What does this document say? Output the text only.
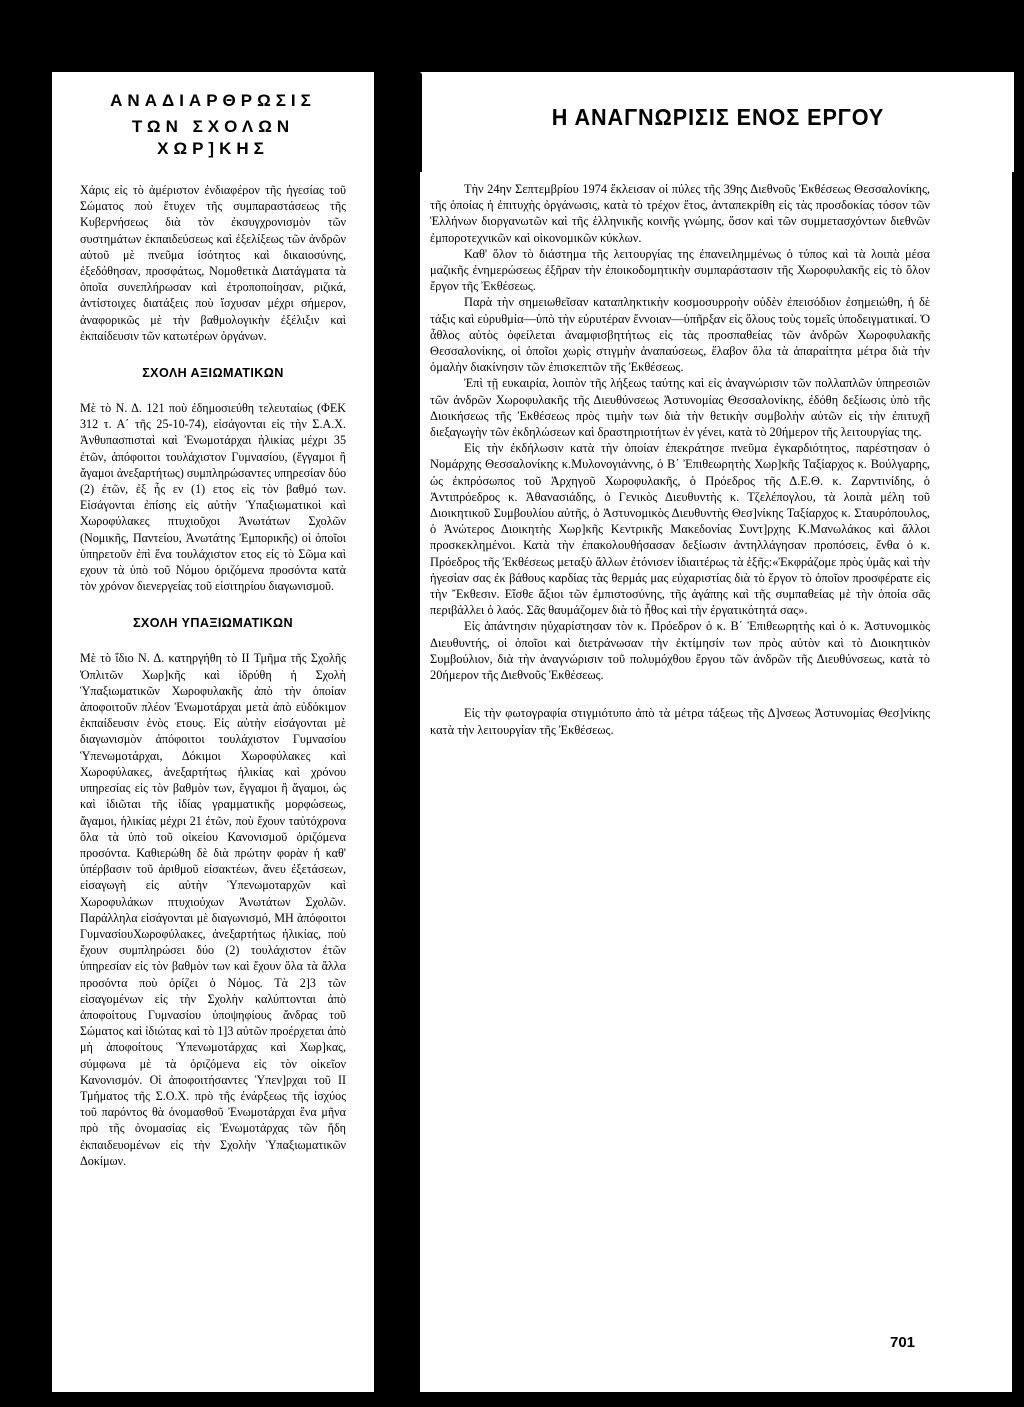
ΑΝΑΔΙΑΡΘΡΩΣΙΣ
ΤΩΝ ΣΧΟΛΩΝ ΧΩΡ]ΚΗΣ

Χάρις εἰς τὸ ἀμέριστον ἐνδιαφέρον τῆς ἡγεσίας τοῦ Σώματος ποὺ ἔτυχεν τῆς συμπαραστάσεως τῆς Κυβερνήσεως διὰ τὸν ἐκσυγχρονισμὸν τῶν συστημάτων ἐκπαιδεύσεως καὶ ἐξελίξεως τῶν ἀνδρῶν αὐτοῦ μὲ πνεῦμα ἰσότητος καὶ δικαιοσύνης, ἐξεδόθησαν, προσφάτως, Νομοθετικὰ Διατάγματα τὰ ὁποῖα συνεπλήρωσαν καὶ ἐτροποποίησαν, ριζικά, ἀντίστοιχες διατάξεις ποὺ ἴσχυσαν μέχρι σήμερον, ἀναφορικῶς μὲ τὴν βαθμολογικὴν ἐξέλιξιν καὶ ἐκπαίδευσιν τῶν κατωτέρων ὀργάνων.

ΣΧΟΛΗ ΑΞΙΩΜΑΤΙΚΩΝ

Μὲ τὸ Ν. Δ. 121 ποὺ ἐδημοσιεύθη τελευταίως (ΦΕΚ 312 τ. Α΄ τῆς 25-10-74), εἰσάγονται εἰς τὴν Σ.Α.Χ. Ἀνθυπασπισταὶ καὶ Ἐνωμοτάρχαι ἡλικίας μέχρι 35 ἐτῶν, ἀπόφοιτοι τουλάχιστον Γυμνασίου, (ἔγγαμοι ἢ ἄγαμοι ἀνεξαρτήτως) συμπληρώσαντες υπηρεσίαν δύο (2) ἐτῶν, ἐξ ἧς εν (1) ετος εἰς τὸν βαθμό των. Εἰσάγονται ἐπίσης εἰς αὐτὴν Ὑπαξιωματικοὶ καὶ Χωροφύλακες πτυχιοῦχοι Ἀνωτάτων Σχολῶν (Νομικῆς, Παντείου, Ἀνωτάτης Ἐμπορικῆς) οἱ ὁποῖοι ὑπηρετοῦν ἐπὶ ἕνα τουλάχιστον ετος εἰς τὸ Σῶμα καὶ εχουν τὰ ὑπὸ τοῦ Νόμου ὁριζόμενα προσόντα κατὰ τὸν χρόνον διενεργείας τοῦ εἰσιτηρίου διαγωνισμοῦ.

ΣΧΟΛΗ ΥΠΑΞΙΩΜΑΤΙΚΩΝ

Μὲ τὸ ἴδιο Ν. Δ. κατηργήθη τὸ ΙΙ Τμῆμα τῆς Σχολῆς Ὁπλιτῶν Χωρ]κῆς καὶ ἱδρύθη ἡ Σχολὴ Ὑπαξιωματικῶν Χωροφυλακῆς ἀπὸ τὴν ὁποίαν ἀποφοιτοῦν πλέον Ἐνωμοτάρχαι μετὰ ἀπὸ εὐδόκιμον ἐκπαίδευσιν ἑνὸς ετους. Εἰς αὐτὴν εἰσάγονται μὲ διαγωνισμὸν ἀπόφοιτοι τουλάχιστον Γυμνασίου Ὑπενωμοτάρχαι, Δόκιμοι Χωροφύλακες καὶ Χωροφύλακες, ἀνεξαρτήτως ἡλικίας καὶ χρόνου υπηρεσίας εἰς τὸν βαθμὸν των, ἔγγαμοι ἢ ἄγαμοι, ὡς καὶ ἰδιῶται τῆς ἰδίας γραμματικῆς μορφώσεως, ἄγαμοι, ἡλικίας μέχρι 21 ἐτῶν, ποὺ ἔχουν ταὐτόχρονα ὅλα τὰ ὑπὸ τοῦ οἰκείου Κανονισμοῦ ὁριζόμενα προσόντα. Καθιερώθη δὲ διὰ πρώτην φορὰν ἡ καθ' ὑπέρβασιν τοῦ ἀριθμοῦ εἰσακτέων, ἄνευ ἐξετάσεων, εἰσαγωγὴ εἰς αὐτὴν Ὑπενωμοταρχῶν καὶ Χωροφυλάκων πτυχιούχων Ἀνωτάτων Σχολῶν. Παράλληλα εἰσάγονται μὲ διαγωνισμό, ΜΗ ἀπόφοιτοι ΓυμνασίουΧωροφύλακες, ἀνεξαρτήτως ἡλικίας, ποὺ ἔχουν συμπληρώσει δύο (2) τουλάχιστον ἐτῶν ὑπηρεσίαν εἰς τὸν βαθμὸν των καὶ ἔχουν ὅλα τὰ ἄλλα προσόντα ποὺ ὁρίζει ὁ Νόμος. Τὰ 2]3 τῶν εἰσαγομένων εἰς τὴν Σχολὴν καλύπτονται ἀπὸ ἀποφοίτους Γυμνασίου ὑποψηφίους ἄνδρας τοῦ Σώματος καὶ ἰδιώτας καὶ τὸ 1]3 αὐτῶν προέρχεται ἀπὸ μὴ ἀποφοίτους Ὑπενωμοτάρχας καὶ Χωρ]κας, σύμφωνα μὲ τὰ ὁριζόμενα εἰς τὸν οἰκεῖον Κανονισμόν. Οἱ ἀποφοιτήσαντες Ὑπεν]ρχαι τοῦ ΙΙ Τμήματος τῆς Σ.Ο.Χ. πρὸ τῆς ἐνάρξεως τῆς ἰσχύος τοῦ παρόντος θὰ ὀνομασθοῦ Ἐνωμοτάρχαι ἕνα μῆνα πρὸ τῆς ὀνομασίας εἰς Ἐνωμοτάρχας τῶν ἤδη ἐκπαιδευομένων εἰς τὴν Σχολὴν Ὑπαξιωματικῶν Δοκίμων.

Η ΑΝΑΓΝΩΡΙΣΙΣ ΕΝΟΣ ΕΡΓΟΥ

Τὴν 24ην Σεπτεμβρίου 1974 ἔκλεισαν οἱ πύλες τῆς 39ης Διεθνοῦς Ἐκθέσεως Θεσσαλονίκης, τῆς ὁποίας ἡ ἐπιτυχὴς ὀργάνωσις, κατὰ τὸ τρέχον ἔτος, ἀνταπεκρίθη εἰς τὰς προσδοκίας τόσον τῶν Ἑλλήνων διοργανωτῶν καὶ τῆς ἑλληνικῆς κοινῆς γνώμης, ὅσον καὶ τῶν συμμετασχόντων διεθνῶν ἐμποροτεχνικῶν καὶ οἰκονομικῶν κύκλων.

Καθ' ὅλον τὸ διάστημα τῆς λειτουργίας της ἐπανειλημμένως ὁ τύπος καὶ τὰ λοιπὰ μέσα μαζικῆς ἐνημερώσεως ἐξῆραν τὴν ἐποικοδομητικὴν συμπαράστασιν τῆς Χωροφυλακῆς εἰς τὸ ὅλον ἔργον τῆς Ἐκθέσεως.

Παρὰ τὴν σημειωθεῖσαν καταπληκτικὴν κοσμοσυρροὴν οὐδὲν ἐπεισόδιον ἐσημειώθη, ἡ δὲ τάξις καὶ εὐρυθμία—ὑπὸ τὴν εὐρυτέραν ἔννοιαν—ὑπῆρξαν εἰς ὅλους τοὺς τομεῖς ὑποδειγματικαί. Ὁ ἆθλος αὐτὸς ὀφείλεται ἀναμφισβητήτως εἰς τὰς προσπαθείας τῶν ἀνδρῶν Χωροφυλακῆς Θεσσαλονίκης, οἱ ὁποῖοι χωρὶς στιγμὴν ἀναπαύσεως, ἔλαβον ὅλα τὰ ἀπαραίτητα μέτρα διὰ τὴν ὁμαλὴν διακίνησιν τῶν ἐπισκεπτῶν τῆς Ἐκθέσεως.

Ἐπὶ τῇ ευκαιρία, λοιπὸν τῆς λήξεως ταύτης καὶ εἰς ἀναγνώρισιν τῶν πολλαπλῶν ὑπηρεσιῶν τῶν ἀνδρῶν Χωροφυλακῆς τῆς Διευθύνσεως Ἀστυνομίας Θεσσαλονίκης, ἐδόθη δεξίωσις ὑπὸ τῆς Διοικήσεως τῆς Ἐκθέσεως πρὸς τιμὴν των διὰ τὴν θετικὴν συμβολὴν αὐτῶν εἰς τὴν ἐπιτυχῆ διεξαγωγὴν τῶν ἐκδηλώσεων καὶ δραστηριοτήτων ἐν γένει, κατὰ τὸ 20ήμερον τῆς λειτουργίας της.

Εἰς τὴν ἐκδήλωσιν κατὰ τὴν ὁποίαν ἐπεκράτησε πνεῦμα ἐγκαρδιότητος, παρέστησαν ὁ Νομάρχης Θεσσαλονίκης κ.Μυλονογιάννης, ὁ Β΄ Ἐπιθεωρητὴς Χωρ]κῆς Ταξίαρχος κ. Βούλγαρης, ὡς ἐκπρόσωπος τοῦ Ἀρχηγοῦ Χωροφυλακῆς, ὁ Πρόεδρος τῆς Δ.Ε.Θ. κ. Ζαρντινίδης, ὁ Ἀντιπρόεδρος κ. Ἀθανασιάδης, ὁ Γενικὸς Διευθυντὴς κ. Τζελέπογλου, τὰ λοιπὰ μέλη τοῦ Διοικητικοῦ Συμβουλίου αὐτῆς, ὁ Ἀστυνομικὸς Διευθυντὴς Θεσ]νίκης Ταξίαρχος κ. Σταυρόπουλος, ὁ Ἀνώτερος Διοικητὴς Χωρ]κῆς Κεντρικῆς Μακεδονίας Συντ]ρχης Κ.Μανωλάκος καὶ ἄλλοι προσκεκλημένοι. Κατὰ τὴν ἐπακολουθήσασαν δεξίωσιν ἀντηλλάγησαν προπόσεις, ἔνθα ὁ κ. Πρόεδρος τῆς Ἐκθέσεως μεταξὺ ἄλλων ἐτόνισεν ἰδιαιτέρως τὰ ἑξῆς:«Ἐκφράζομε πρὸς ὑμᾶς καὶ τὴν ἡγεσίαν σας ἐκ βάθους καρδίας τὰς θερμάς μας εὐχαριστίας διὰ τὸ ἔργον τὸ ὁποῖον προσφέρατε εἰς τὴν Ἔκθεσιν. Εἴσθε ἄξιοι τῶν ἐμπιστοσύνης, τῆς ἀγάπης καὶ τῆς συμπαθείας μὲ τὴν ὁποία σᾶς περιβάλλει ὁ λαός. Σᾶς θαυμάζομεν διὰ τὸ ἦθος καὶ τὴν ἐργατικότητά σας».

Εἰς ἀπάντησιν ηὐχαρίστησαν τὸν κ. Πρόεδρον ὁ κ. Β΄ Ἐπιθεωρητὴς καὶ ὁ κ. Ἀστυνομικὸς Διευθυντής, οἱ ὁποῖοι καὶ διετράνωσαν τὴν ἐκτίμησίν των πρὸς αὐτὸν καὶ τὸ Διοικητικὸν Συμβούλιον, διὰ τὴν ἀναγνώρισιν τοῦ πολυμόχθου ἔργου τῶν ἀνδρῶν τῆς Διευθύνσεως, κατὰ τὸ 20ήμερον τῆς Διεθνοῦς Ἐκθέσεως.

Εἰς τὴν φωτογραφία στιγμιότυπο ἀπὸ τὰ μέτρα τάξεως τῆς Δ]νσεως Ἀστυνομίας Θεσ]νίκης κατὰ τὴν λειτουργίαν τῆς Ἐκθέσεως.

701
